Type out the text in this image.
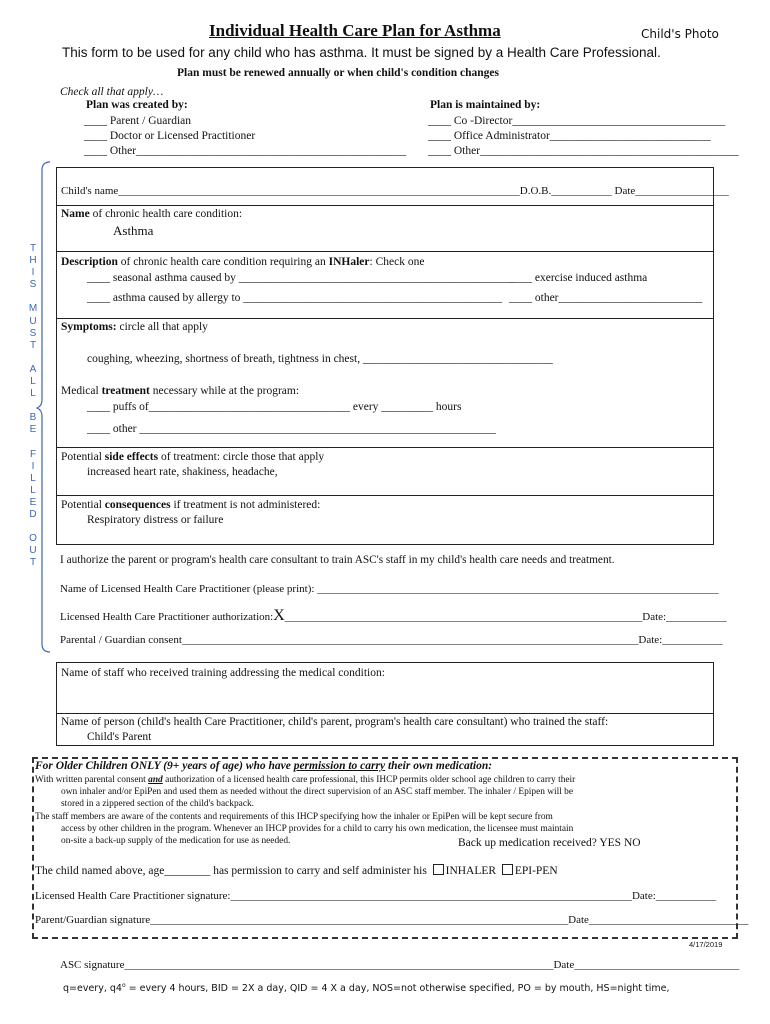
Individual Health Care Plan for Asthma	Child's Photo
This form to be used for any child who has asthma. It must be signed by a Health Care Professional.
Plan must be renewed annually or when child's condition changes
Check all that apply…
Plan was created by:
____ Parent / Guardian
____ Doctor or Licensed Practitioner
____ Other_______________________________________________
Plan is maintained by:
____ Co -Director_____________________________________
____ Office Administrator____________________________
____ Other_____________________________________________
T
H
I
S
M
U
S
T
A
L
L
B
E
F
I
L
L
E
D
O
U
T
Child's name_________________________________________________________________________D.O.B.___________ Date_________________
Name of chronic health care condition:
Asthma
Description of chronic health care condition requiring an INHaler: Check one
____ seasonal asthma caused by ________________________________________________
____ exercise induced asthma
____ asthma caused by allergy to _____________________________________________ ____ other_________________________
Symptoms: circle all that apply
coughing, wheezing, shortness of breath, tightness in chest, _________________________________
Medical treatment necessary while at the program:
____ puffs of___________________________________ every _________ hours
____ other ______________________________________________________________
Potential side effects of treatment: circle those that apply
increased heart rate, shakiness, headache,
Potential consequences if treatment is not administered:
Respiratory distress or failure
I authorize the parent or program's health care consultant to train ASC's staff in my child's health care needs and treatment.
Name of Licensed Health Care Practitioner (please print): _________________________________________________________________________
Licensed Health Care Practitioner authorization:X_________________________________________________________________Date:___________
Parental / Guardian consent___________________________________________________________________________________Date:___________
Name of staff who received training addressing the medical condition:
Name of person (child's health Care Practitioner, child's parent, program's health care consultant) who trained the staff:
Child's Parent
For Older Children ONLY (9+ years of age) who have permission to carry their own medication:
With written parental consent and authorization of a licensed health care professional, this IHCP permits older school age children to carry their
own inhaler and/or EpiPen and used them as needed without the direct supervision of an ASC staff member. The inhaler / Epipen will be
stored in a zippered section of the child's backpack.
The staff members are aware of the contents and requirements of this IHCP specifying how the inhaler or EpiPen will be kept secure from
access by other children in the program. Whenever an IHCP provides for a child to carry his own medication, the licensee must maintain
on-site a back-up supply of the medication for use as needed.	Back up medication received? YES NO
The child named above, age________ has permission to carry and self administer his INHALER EPI-PEN
Licensed Health Care Practitioner signature:_________________________________________________________________________Date:___________
Parent/Guardian signature____________________________________________________________________________Date_____________________________
4/17/2019
ASC signature______________________________________________________________________________Date______________________________
q=every, $q4^o$ = every 4 hours, BID = 2X a day, QID = 4 X a day, NOS=not otherwise specified, PO = by mouth, HS=night time,
